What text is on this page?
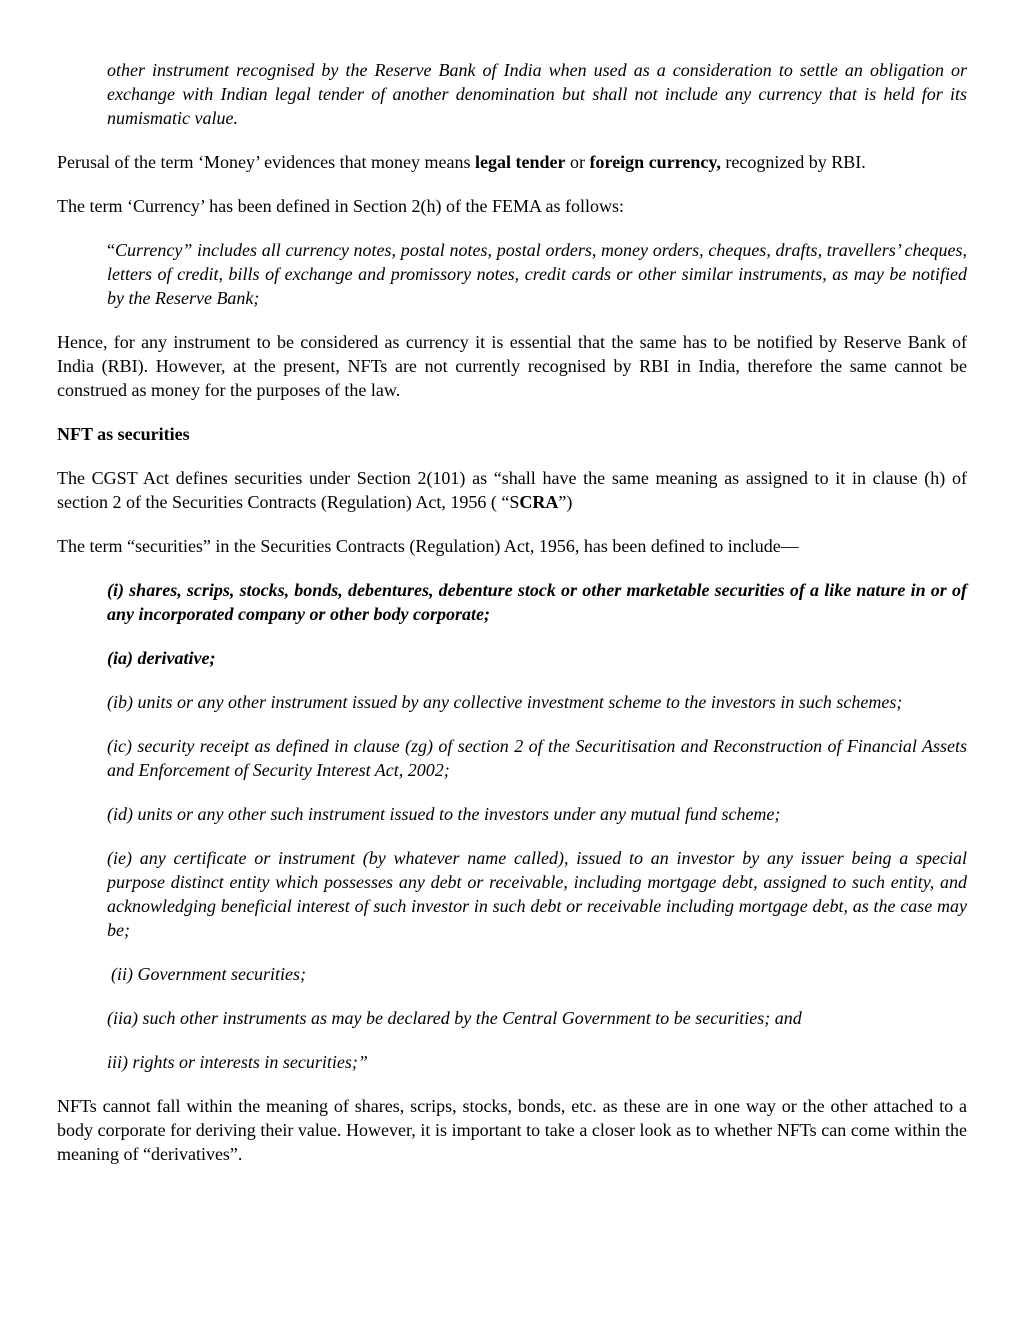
other instrument recognised by the Reserve Bank of India when used as a consideration to settle an obligation or exchange with Indian legal tender of another denomination but shall not include any currency that is held for its numismatic value.

Perusal of the term ‘Money’ evidences that money means legal tender or foreign currency, recognized by RBI.

The term ‘Currency’ has been defined in Section 2(h) of the FEMA as follows:

“Currency” includes all currency notes, postal notes, postal orders, money orders, cheques, drafts, travellers’ cheques, letters of credit, bills of exchange and promissory notes, credit cards or other similar instruments, as may be notified by the Reserve Bank;

Hence, for any instrument to be considered as currency it is essential that the same has to be notified by Reserve Bank of India (RBI). However, at the present, NFTs are not currently recognised by RBI in India, therefore the same cannot be construed as money for the purposes of the law.

NFT as securities

The CGST Act defines securities under Section 2(101) as “shall have the same meaning as assigned to it in clause (h) of section 2 of the Securities Contracts (Regulation) Act, 1956 ( “SCRA”)

The term “securities” in the Securities Contracts (Regulation) Act, 1956, has been defined to include—

(i) shares, scrips, stocks, bonds, debentures, debenture stock or other marketable securities of a like nature in or of any incorporated company or other body corporate;

(ia) derivative;

(ib) units or any other instrument issued by any collective investment scheme to the investors in such schemes;

(ic) security receipt as defined in clause (zg) of section 2 of the Securitisation and Reconstruction of Financial Assets and Enforcement of Security Interest Act, 2002;

(id) units or any other such instrument issued to the investors under any mutual fund scheme;

(ie) any certificate or instrument (by whatever name called), issued to an investor by any issuer being a special purpose distinct entity which possesses any debt or receivable, including mortgage debt, assigned to such entity, and acknowledging beneficial interest of such investor in such debt or receivable including mortgage debt, as the case may be;

(ii) Government securities;

(iia) such other instruments as may be declared by the Central Government to be securities; and

iii) rights or interests in securities;”

NFTs cannot fall within the meaning of shares, scrips, stocks, bonds, etc. as these are in one way or the other attached to a body corporate for deriving their value. However, it is important to take a closer look as to whether NFTs can come within the meaning of “derivatives”.
